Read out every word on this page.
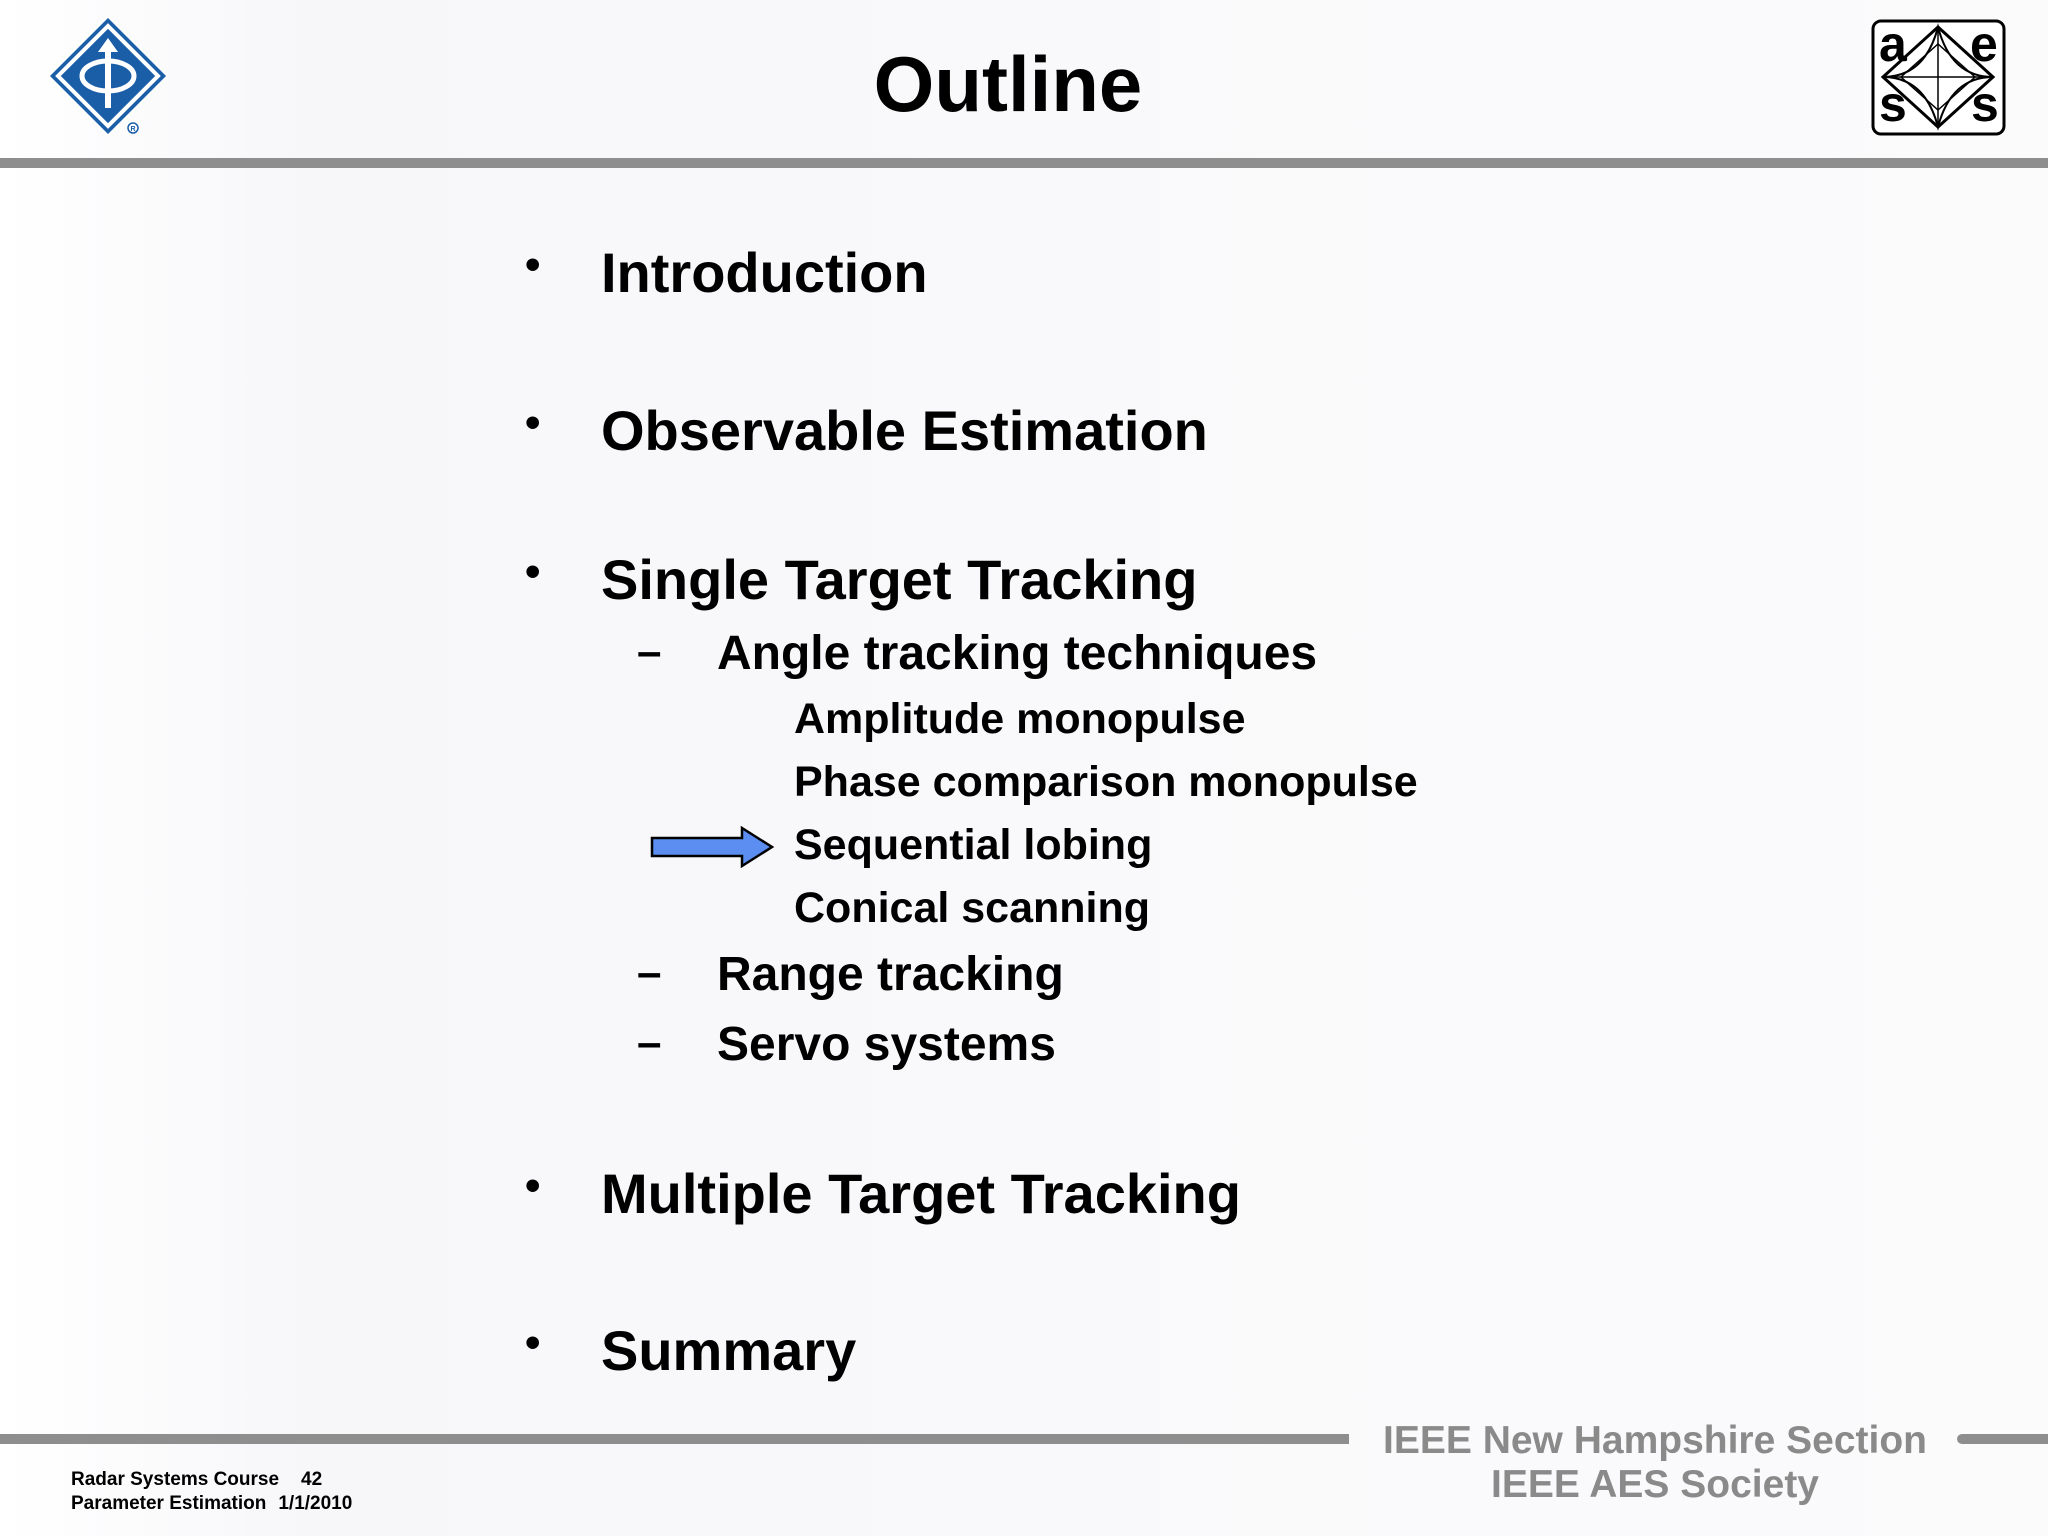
R
a e
s s
Outline
• Introduction
• Observable Estimation
• Single Target Tracking
– Angle tracking techniques
Amplitude monopulse
Phase comparison monopulse
Sequential lobing
Conical scanning
– Range tracking
– Servo systems
• Multiple Target Tracking
• Summary
IEEE New Hampshire Section
IEEE AES Society
Radar Systems Course 42
Parameter Estimation 1/1/2010
